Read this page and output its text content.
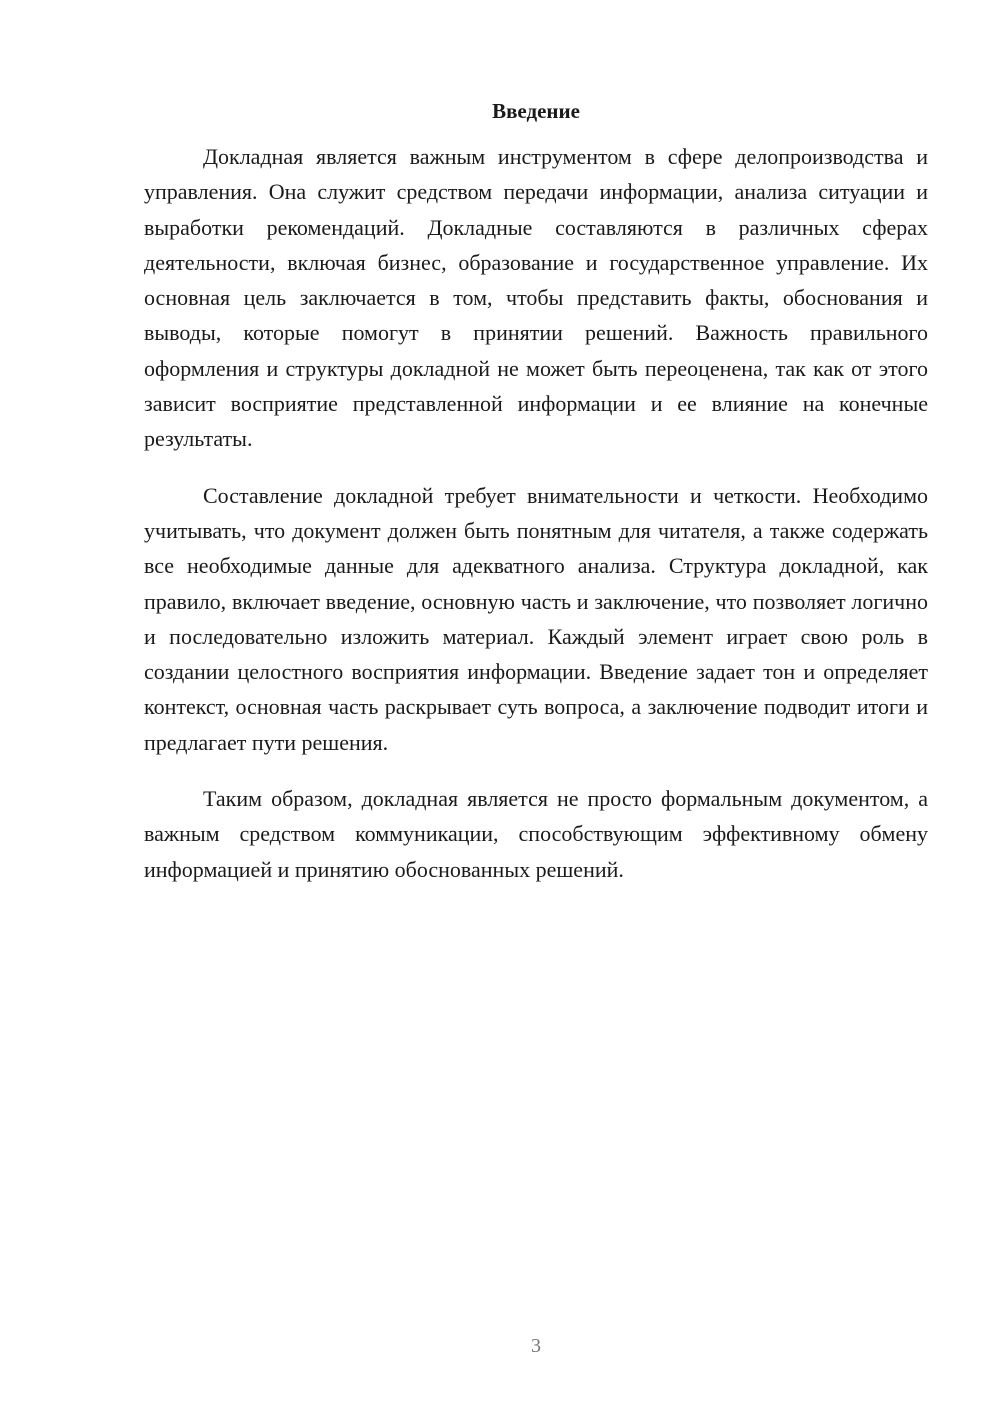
Введение

Докладная является важным инструментом в сфере делопроизводства и управления. Она служит средством передачи информации, анализа ситуации и выработки рекомендаций. Докладные составляются в различных сферах деятельности, включая бизнес, образование и государственное управление. Их основная цель заключается в том, чтобы представить факты, обоснования и выводы, которые помогут в принятии решений. Важность правильного оформления и структуры докладной не может быть переоценена, так как от этого зависит восприятие представленной информации и ее влияние на конечные результаты.

Составление докладной требует внимательности и четкости. Необходимо учитывать, что документ должен быть понятным для читателя, а также содержать все необходимые данные для адекватного анализа. Структура докладной, как правило, включает введение, основную часть и заключение, что позволяет логично и последовательно изложить материал. Каждый элемент играет свою роль в создании целостного восприятия информации. Введение задает тон и определяет контекст, основная часть раскрывает суть вопроса, а заключение подводит итоги и предлагает пути решения.

Таким образом, докладная является не просто формальным документом, а важным средством коммуникации, способствующим эффективному обмену информацией и принятию обоснованных решений.

3
